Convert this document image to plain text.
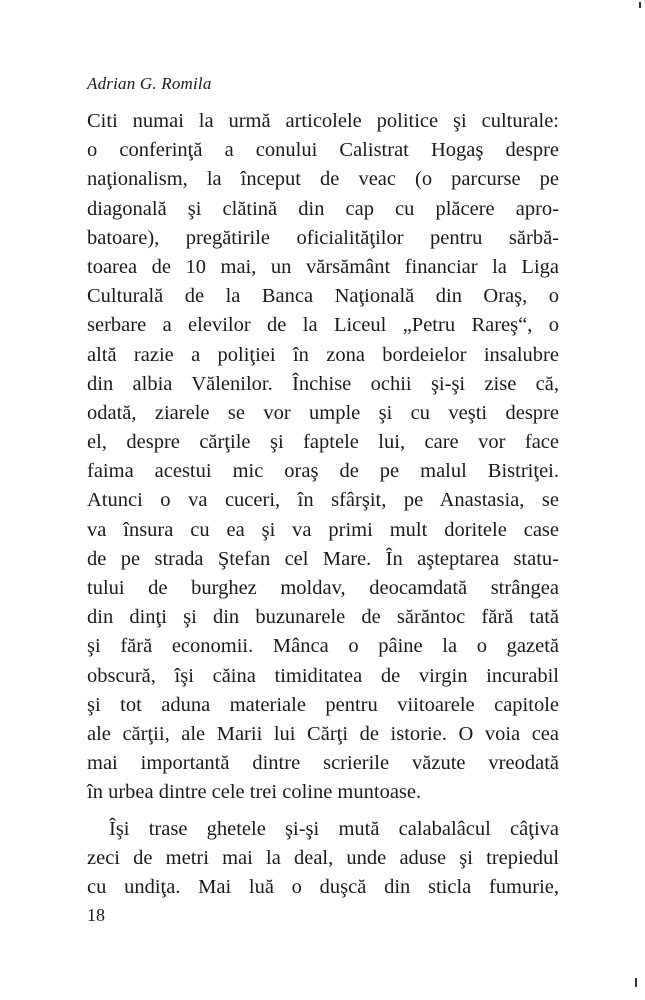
Adrian G. Romila
Citi numai la urmă articolele politice şi culturale:
o conferinţă a conului Calistrat Hogaş despre
naţionalism, la început de veac (o parcurse pe
diagonală şi clătină din cap cu plăcere apro-
batoare), pregătirile oficialităţilor pentru sărbă-
toarea de 10 mai, un vărsământ financiar la Liga
Culturală de la Banca Naţională din Oraş, o
serbare a elevilor de la Liceul „Petru Rareş“, o
altă razie a poliţiei în zona bordeielor insalubre
din albia Vălenilor. Închise ochii şi-şi zise că,
odată, ziarele se vor umple şi cu veşti despre
el, despre cărţile şi faptele lui, care vor face
faima acestui mic oraş de pe malul Bistriţei.
Atunci o va cuceri, în sfârşit, pe Anastasia, se
va însura cu ea şi va primi mult doritele case
de pe strada Ştefan cel Mare. În aşteptarea statu-
tului de burghez moldav, deocamdată strângea
din dinţi şi din buzunarele de sărăntoc fără tată
şi fără economii. Mânca o pâine la o gazetă
obscură, îşi căina timiditatea de virgin incurabil
şi tot aduna materiale pentru viitoarele capitole
ale cărţii, ale Marii lui Cărţi de istorie. O voia cea
mai importantă dintre scrierile văzute vreodată
în urbea dintre cele trei coline muntoase.
Îşi trase ghetele şi-şi mută calabalâcul câţiva
zeci de metri mai la deal, unde aduse şi trepiedul
cu undiţa. Mai luă o duşcă din sticla fumurie,
18
